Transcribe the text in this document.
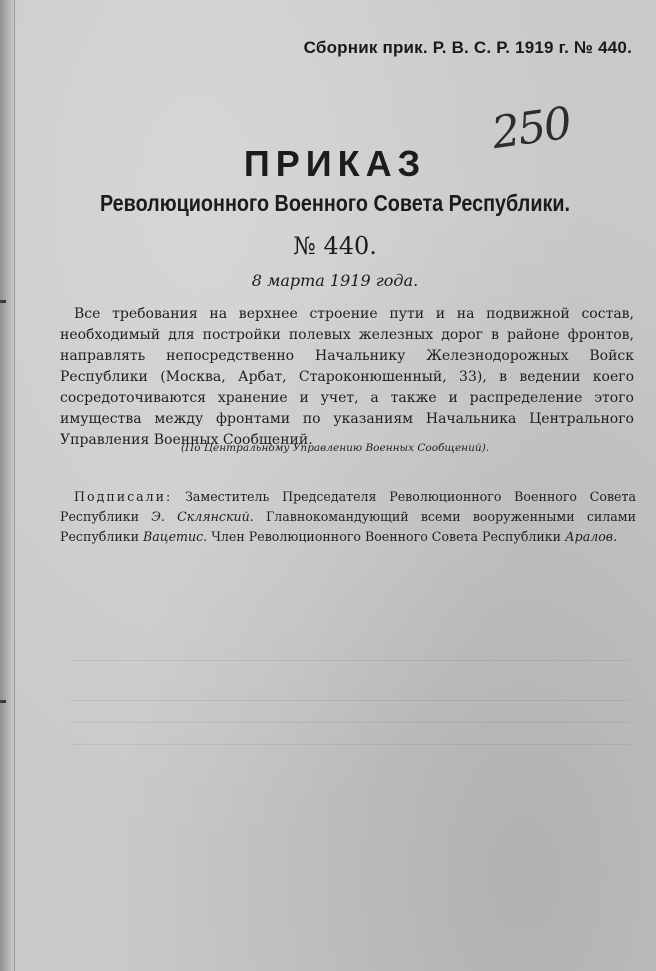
Сборник прик. Р. В. С. Р. 1919 г. № 440.
250
ПРИКАЗ
Революционного Военного Совета Республики.
№ 440.
8 марта 1919 года.
Все требования на верхнее строение пути и на подвижной состав, необходимый для постройки полевых железных дорог в районе фронтов, направлять непосредственно Начальнику Железнодорожных Войск Республики (Москва, Арбат, Староконюшенный, 33), в ведении коего сосредоточиваются хранение и учет, а также и распределение этого имущества между фронтами по указаниям Начальника Центрального Управления Военных Сообщений.
(По Центральному Управлению Военных Сообщений).
Подписали: Заместитель Председателя Революционного Военного Совета Республики Э. Склянский. Главнокомандующий всеми вооруженными силами Республики Вацетис. Член Революционного Военного Совета Республики Аралов.
